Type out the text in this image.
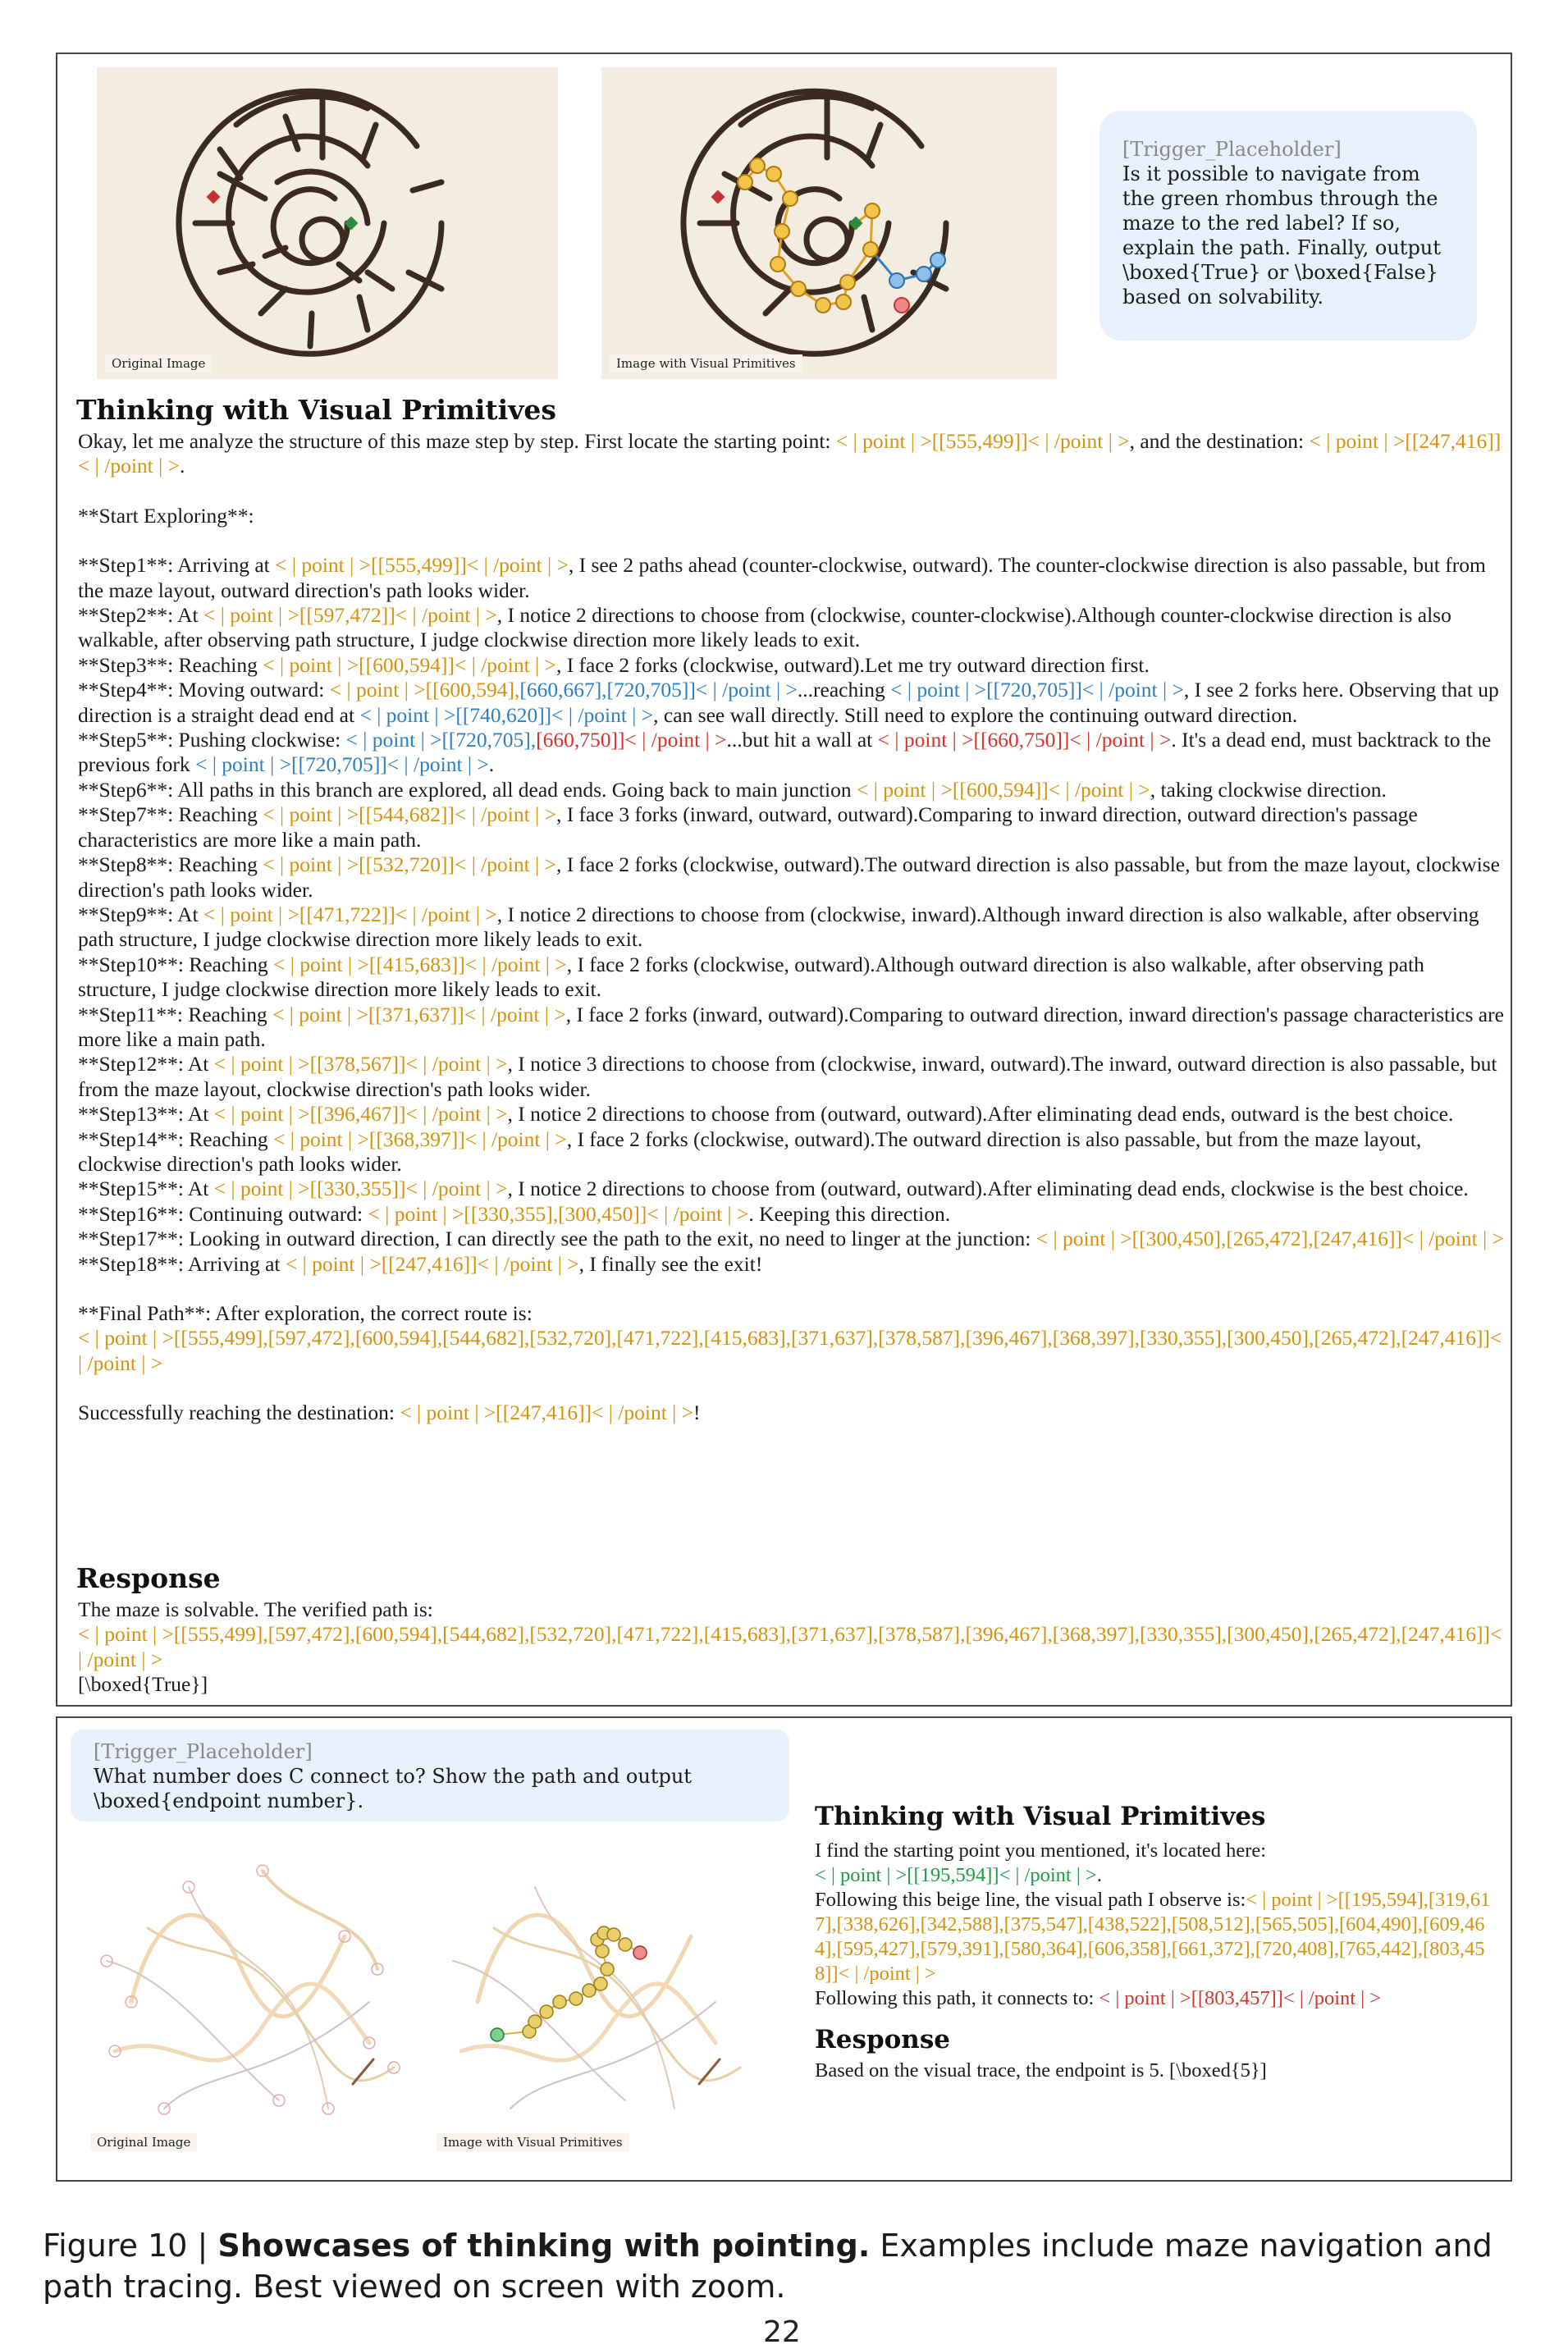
Original Image	Image with Visual Primitives
[Trigger_Placeholder]
Is it possible to navigate from the green rhombus through the maze to the red label? If so, explain the path. Finally, output \boxed{True} or \boxed{False} based on solvability.
Thinking with Visual Primitives

Okay, let me analyze the structure of this maze step by step. First locate the starting point: < | point | >[[555,499]]< | /point | >, and the destination: < | point | >[[247,416]]< | /point | >.

**Start Exploring**:

**Step1**: Arriving at < | point | >[[555,499]]< | /point | >, I see 2 paths ahead (counter-clockwise, outward). The counter-clockwise direction is also passable, but from the maze layout, outward direction's path looks wider.

**Step2**: At < | point | >[[597,472]]< | /point | >, I notice 2 directions to choose from (clockwise, counter-clockwise).Although counter-clockwise direction is also walkable, after observing path structure, I judge clockwise direction more likely leads to exit.

**Step3**: Reaching < | point | >[[600,594]]< | /point | >, I face 2 forks (clockwise, outward).Let me try outward direction first.

**Step4**: Moving outward: < | point | >[[600,594],[660,667],[720,705]]< | /point | >...reaching < | point | >[[720,705]]< | /point | >, I see 2 forks here. Observing that up direction is a straight dead end at < | point | >[[740,620]]< | /point | >, can see wall directly. Still need to explore the continuing outward direction.

**Step5**: Pushing clockwise: < | point | >[[720,705],[660,750]]< | /point | >...but hit a wall at < | point | >[[660,750]]< | /point | >. It's a dead end, must backtrack to the previous fork < | point | >[[720,705]]< | /point | >.

**Step6**: All paths in this branch are explored, all dead ends. Going back to main junction < | point | >[[600,594]]< | /point | >, taking clockwise direction.

**Step7**: Reaching < | point | >[[544,682]]< | /point | >, I face 3 forks (inward, outward, outward).Comparing to inward direction, outward direction's passage characteristics are more like a main path.

**Step8**: Reaching < | point | >[[532,720]]< | /point | >, I face 2 forks (clockwise, outward).The outward direction is also passable, but from the maze layout, clockwise direction's path looks wider.

**Step9**: At < | point | >[[471,722]]< | /point | >, I notice 2 directions to choose from (clockwise, inward).Although inward direction is also walkable, after observing path structure, I judge clockwise direction more likely leads to exit.

**Step10**: Reaching < | point | >[[415,683]]< | /point | >, I face 2 forks (clockwise, outward).Although outward direction is also walkable, after observing path structure, I judge clockwise direction more likely leads to exit.

**Step11**: Reaching < | point | >[[371,637]]< | /point | >, I face 2 forks (inward, outward).Comparing to outward direction, inward direction's passage characteristics are more like a main path.

**Step12**: At < | point | >[[378,567]]< | /point | >, I notice 3 directions to choose from (clockwise, inward, outward).The inward, outward direction is also passable, but from the maze layout, clockwise direction's path looks wider.

**Step13**: At < | point | >[[396,467]]< | /point | >, I notice 2 directions to choose from (outward, outward).After eliminating dead ends, outward is the best choice.

**Step14**: Reaching < | point | >[[368,397]]< | /point | >, I face 2 forks (clockwise, outward).The outward direction is also passable, but from the maze layout, clockwise direction's path looks wider.

**Step15**: At < | point | >[[330,355]]< | /point | >, I notice 2 directions to choose from (outward, outward).After eliminating dead ends, clockwise is the best choice.

**Step16**: Continuing outward: < | point | >[[330,355],[300,450]]< | /point | >. Keeping this direction.

**Step17**: Looking in outward direction, I can directly see the path to the exit, no need to linger at the junction: < | point | >[[300,450],[265,472],[247,416]]< | /point | >

**Step18**: Arriving at < | point | >[[247,416]]< | /point | >, I finally see the exit!

**Final Path**: After exploration, the correct route is:

< | point | >[[555,499],[597,472],[600,594],[544,682],[532,720],[471,722],[415,683],[371,637],[378,587],[396,467],[368,397],[330,355],[300,450],[265,472],[247,416]]< | /point | >

Successfully reaching the destination: < | point | >[[247,416]]< | /point | >!

Response

The maze is solvable. The verified path is:

< | point | >[[555,499],[597,472],[600,594],[544,682],[532,720],[471,722],[415,683],[371,637],[378,587],[396,467],[368,397],[330,355],[300,450],[265,472],[247,416]]< | /point | >

[\boxed{True}]

[Trigger_Placeholder]
What number does C connect to? Show the path and output \boxed{endpoint number}.
Original Image	Image with Visual Primitives
Thinking with Visual Primitives

I find the starting point you mentioned, it's located here:

< | point | >[[195,594]]< | /point | >.

Following this beige line, the visual path I observe is:< | point | >[[195,594],[319,617],[338,626],[342,588],[375,547],[438,522],[508,512],[565,505],[604,490],[609,464],[595,427],[579,391],[580,364],[606,358],[661,372],[720,408],[765,442],[803,458]]< | /point | >

Following this path, it connects to: < | point | >[[803,457]]< | /point | >

Response

Based on the visual trace, the endpoint is 5. [\boxed{5}]

Figure 10 | Showcases of thinking with pointing. Examples include maze navigation and path tracing. Best viewed on screen with zoom.
22
